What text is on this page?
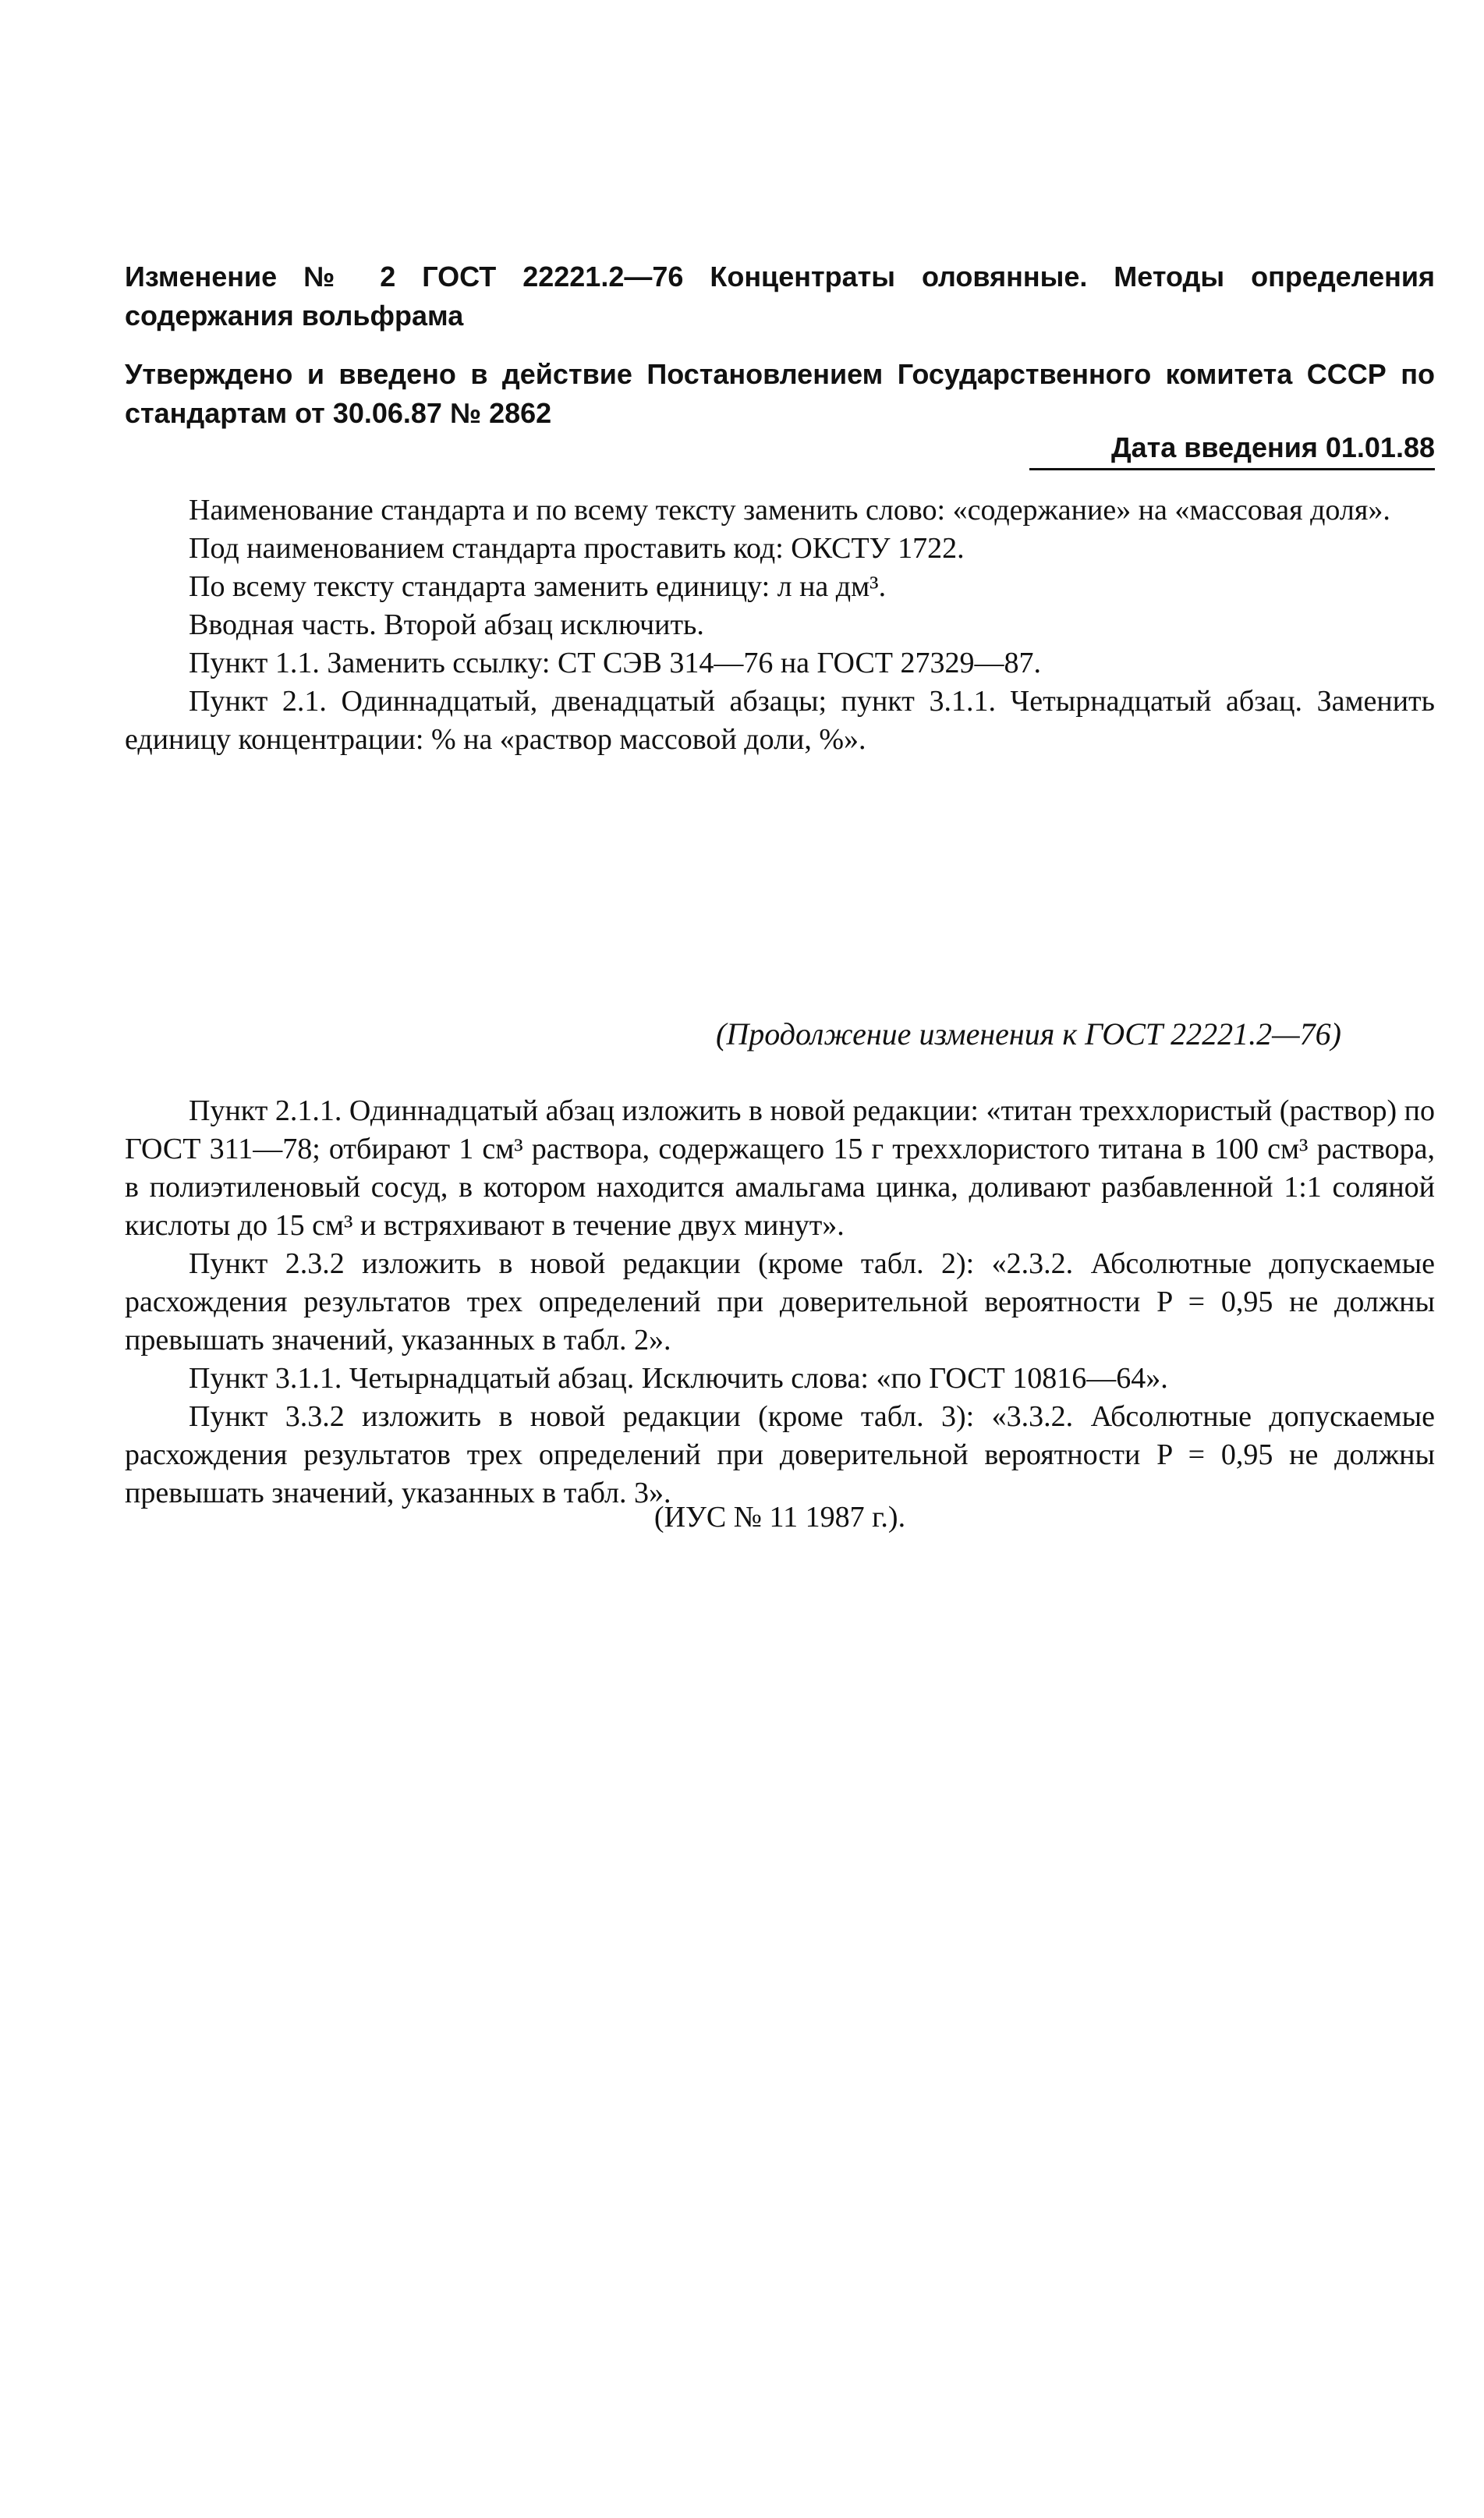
Изменение № 2 ГОСТ 22221.2—76 Концентраты оловянные. Методы определения содержания вольфрама
Утверждено и введено в действие Постановлением Государственного комитета СССР по стандартам от 30.06.87 № 2862
Дата введения 01.01.88

Наименование стандарта и по всему тексту заменить слово: «содержание» на «массовая доля».

Под наименованием стандарта проставить код: ОКСТУ 1722.

По всему тексту стандарта заменить единицу: л на дм³.

Вводная часть. Второй абзац исключить.

Пункт 1.1. Заменить ссылку: СТ СЭВ 314—76 на ГОСТ 27329—87.

Пункт 2.1. Одиннадцатый, двенадцатый абзацы; пункт 3.1.1. Четырнадцатый абзац. Заменить единицу концентрации: % на «раствор массовой доли, %».

(Продолжение изменения к ГОСТ 22221.2—76)

Пункт 2.1.1. Одиннадцатый абзац изложить в новой редакции: «титан треххлористый (раствор) по ГОСТ 311—78; отбирают 1 см³ раствора, содержащего 15 г треххлористого титана в 100 см³ раствора, в полиэтиленовый сосуд, в котором находится амальгама цинка, доливают разбавленной 1:1 соляной кислоты до 15 см³ и встряхивают в течение двух минут».

Пункт 2.3.2 изложить в новой редакции (кроме табл. 2): «2.3.2. Абсолютные допускаемые расхождения результатов трех определений при доверительной вероятности P = 0,95 не должны превышать значений, указанных в табл. 2».

Пункт 3.1.1. Четырнадцатый абзац. Исключить слова: «по ГОСТ 10816—64».

Пункт 3.3.2 изложить в новой редакции (кроме табл. 3): «3.3.2. Абсолютные допускаемые расхождения результатов трех определений при доверительной вероятности P = 0,95 не должны превышать значений, указанных в табл. 3».

(ИУС № 11 1987 г.).
